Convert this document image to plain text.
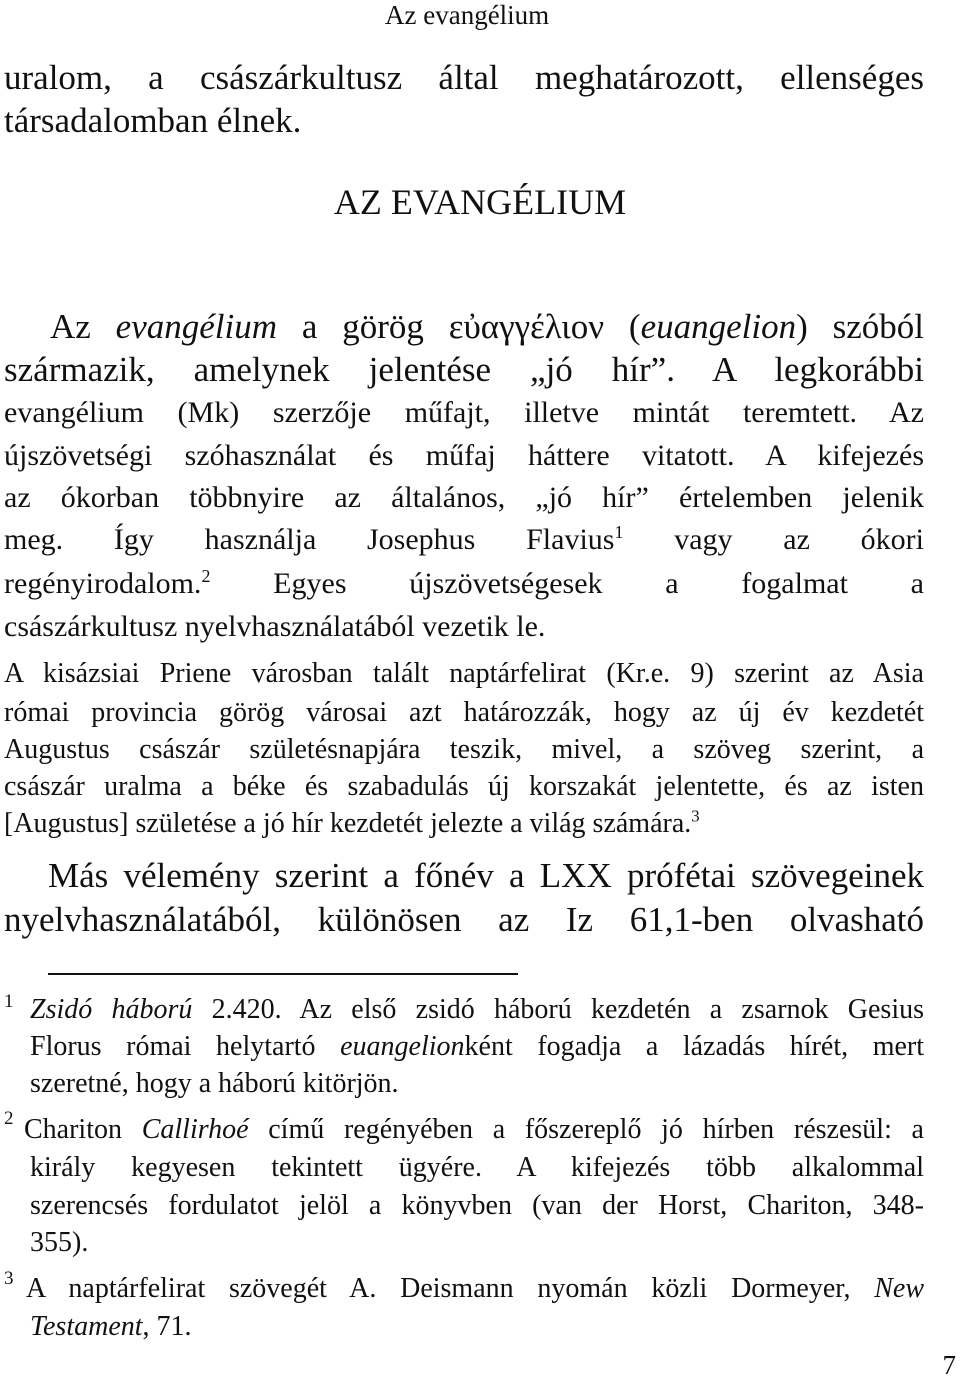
Az evangélium
uralom, a császárkultusz által meghatározott, ellenséges
társadalomban élnek.
AZ EVANGÉLIUM
Az evangélium a görög εὐαγγέλιον (euangelion) szóból
származik, amelynek jelentése „jó hír”. A legkorábbi
evangélium (Mk) szerzője műfajt, illetve mintát teremtett. Az
újszövetségi szóhasználat és műfaj háttere vitatott. A kifejezés
az ókorban többnyire az általános, „jó hír” értelemben jelenik
meg. Így használja Josephus Flavius$^1$ vagy az ókori
regényirodalom.$^2$ Egyes újszövetségesek a fogalmat a
császárkultusz nyelvhasználatából vezetik le.
A kisázsiai Priene városban talált naptárfelirat (Kr.e. 9) szerint az Asia
római provincia görög városai azt határozzák, hogy az új év kezdetét
Augustus császár születésnapjára teszik, mivel, a szöveg szerint, a
császár uralma a béke és szabadulás új korszakát jelentette, és az isten
[Augustus] születése a jó hír kezdetét jelezte a világ számára.$^3$
Más vélemény szerint a főnév a LXX prófétai szövegeinek
nyelvhasználatából, különösen az Iz 61,1-ben olvasható
1 Zsidó háború 2.420. Az első zsidó háború kezdetén a zsarnok Gesius
Florus római helytartó euangelionként fogadja a lázadás hírét, mert
szeretné, hogy a háború kitörjön.
2 Chariton Callirhoé című regényében a főszereplő jó hírben részesül: a
király kegyesen tekintett ügyére. A kifejezés több alkalommal
szerencsés fordulatot jelöl a könyvben (van der Horst, Chariton, 348-
355).
3 A naptárfelirat szövegét A. Deismann nyomán közli Dormeyer, New
Testament, 71.
7
